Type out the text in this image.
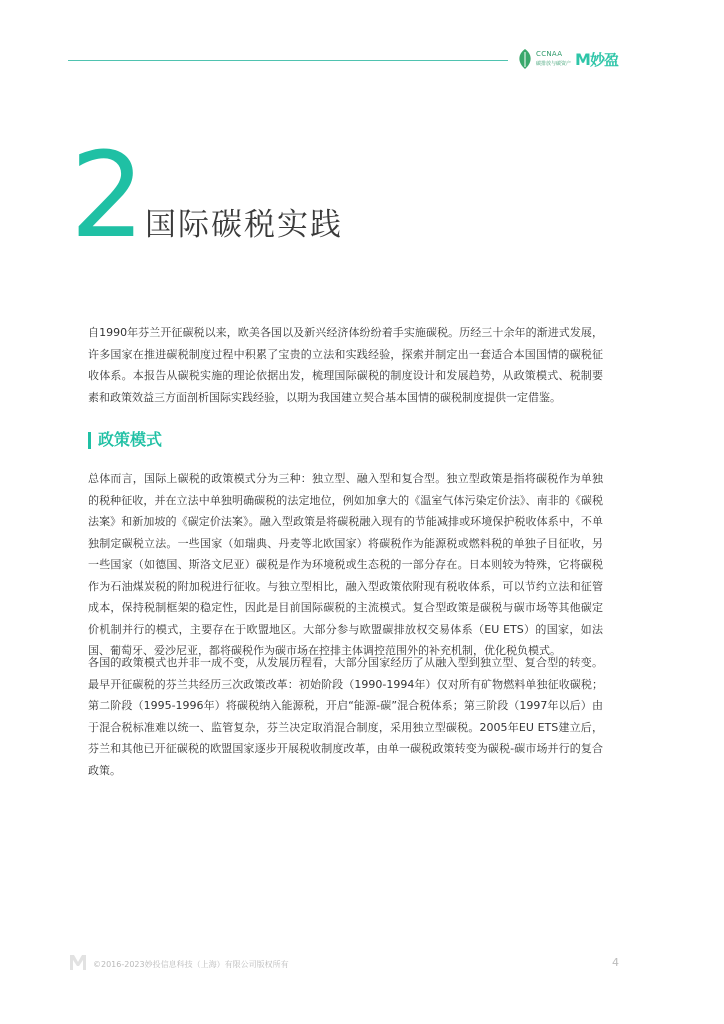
CCNAA
碳排放与碳资产 M 妙盈
2 国际碳税实践

自1990年芬兰开征碳税以来，欧美各国以及新兴经济体纷纷着手实施碳税。历经三十余年的渐进式发展，许多国家在推进碳税制度过程中积累了宝贵的立法和实践经验，探索并制定出一套适合本国国情的碳税征收体系。本报告从碳税实施的理论依据出发，梳理国际碳税的制度设计和发展趋势，从政策模式、税制要素和政策效益三方面剖析国际实践经验，以期为我国建立契合基本国情的碳税制度提供一定借鉴。

政策模式

总体而言，国际上碳税的政策模式分为三种：独立型、融入型和复合型。独立型政策是指将碳税作为单独的税种征收，并在立法中单独明确碳税的法定地位，例如加拿大的《温室气体污染定价法》、南非的《碳税法案》和新加坡的《碳定价法案》。融入型政策是将碳税融入现有的节能减排或环境保护税收体系中，不单独制定碳税立法。一些国家（如瑞典、丹麦等北欧国家）将碳税作为能源税或燃料税的单独子目征收，另一些国家（如德国、斯洛文尼亚）碳税是作为环境税或生态税的一部分存在。日本则较为特殊，它将碳税作为石油煤炭税的附加税进行征收。与独立型相比，融入型政策依附现有税收体系，可以节约立法和征管成本，保持税制框架的稳定性，因此是目前国际碳税的主流模式。复合型政策是碳税与碳市场等其他碳定价机制并行的模式，主要存在于欧盟地区。大部分参与欧盟碳排放权交易体系（EU ETS）的国家，如法国、葡萄牙、爱沙尼亚，都将碳税作为碳市场在控排主体调控范围外的补充机制，优化税负模式。

各国的政策模式也并非一成不变，从发展历程看，大部分国家经历了从融入型到独立型、复合型的转变。最早开征碳税的芬兰共经历三次政策改革：初始阶段（1990-1994年）仅对所有矿物燃料单独征收碳税；第二阶段（1995-1996年）将碳税纳入能源税，开启“能源-碳”混合税体系；第三阶段（1997年以后）由于混合税标准难以统一、监管复杂，芬兰决定取消混合制度，采用独立型碳税。2005年EU ETS建立后，芬兰和其他已开征碳税的欧盟国家逐步开展税收制度改革，由单一碳税政策转变为碳税-碳市场并行的复合政策。

©2016-2023妙投信息科技（上海）有限公司版权所有	4
